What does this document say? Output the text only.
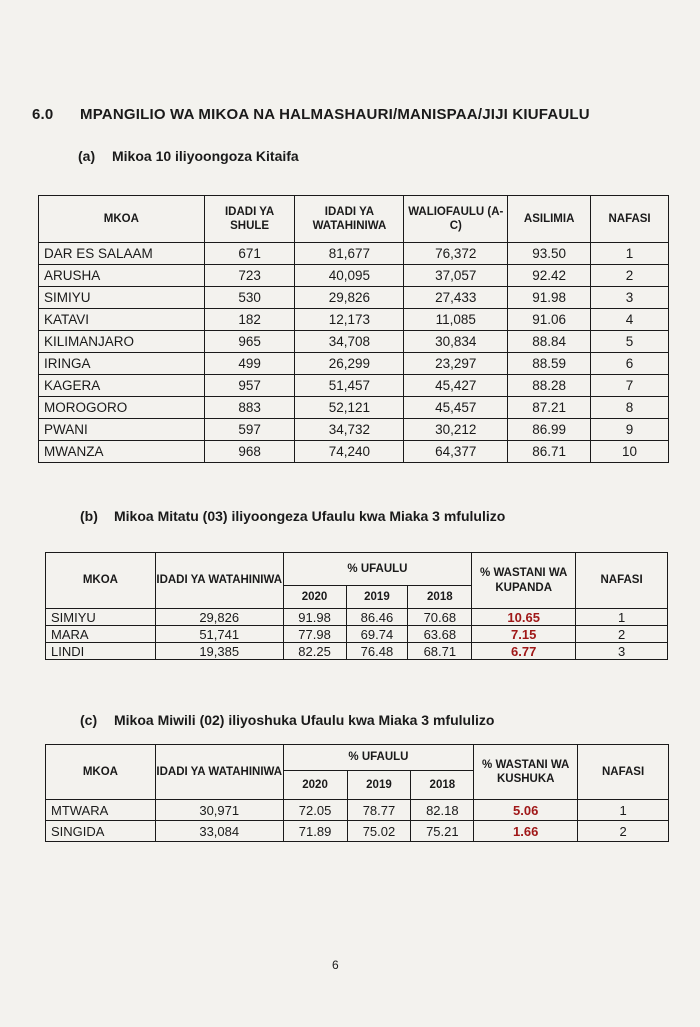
6.0 MPANGILIO WA MIKOA NA HALMASHAURI/MANISPAA/JIJI KIUFAULU
(a) Mikoa 10 iliyoongoza Kitaifa
MKOA	IDADI YA SHULE	IDADI YA WATAHINIWA	WALIOFAULU (A-C)	ASILIMIA	NAFASI
DAR ES SALAAM	671	81,677	76,372	93.50	1
ARUSHA	723	40,095	37,057	92.42	2
SIMIYU	530	29,826	27,433	91.98	3
KATAVI	182	12,173	11,085	91.06	4
KILIMANJARO	965	34,708	30,834	88.84	5
IRINGA	499	26,299	23,297	88.59	6
KAGERA	957	51,457	45,427	88.28	7
MOROGORO	883	52,121	45,457	87.21	8
PWANI	597	34,732	30,212	86.99	9
MWANZA	968	74,240	64,377	86.71	10
(b) Mikoa Mitatu (03) iliyoongeza Ufaulu kwa Miaka 3 mfululizo
MKOA	IDADI YA WATAHINIWA	% UFAULU			% WASTANI WA KUPANDA	NAFASI
		2020	2019	2018		
SIMIYU	29,826	91.98	86.46	70.68	10.65	1
MARA	51,741	77.98	69.74	63.68	7.15	2
LINDI	19,385	82.25	76.48	68.71	6.77	3
(c) Mikoa Miwili (02) iliyoshuka Ufaulu kwa Miaka 3 mfululizo
MKOA	IDADI YA WATAHINIWA	% UFAULU			% WASTANI WA KUSHUKA	NAFASI
		2020	2019	2018		
MTWARA	30,971	72.05	78.77	82.18	5.06	1
SINGIDA	33,084	71.89	75.02	75.21	1.66	2
6
